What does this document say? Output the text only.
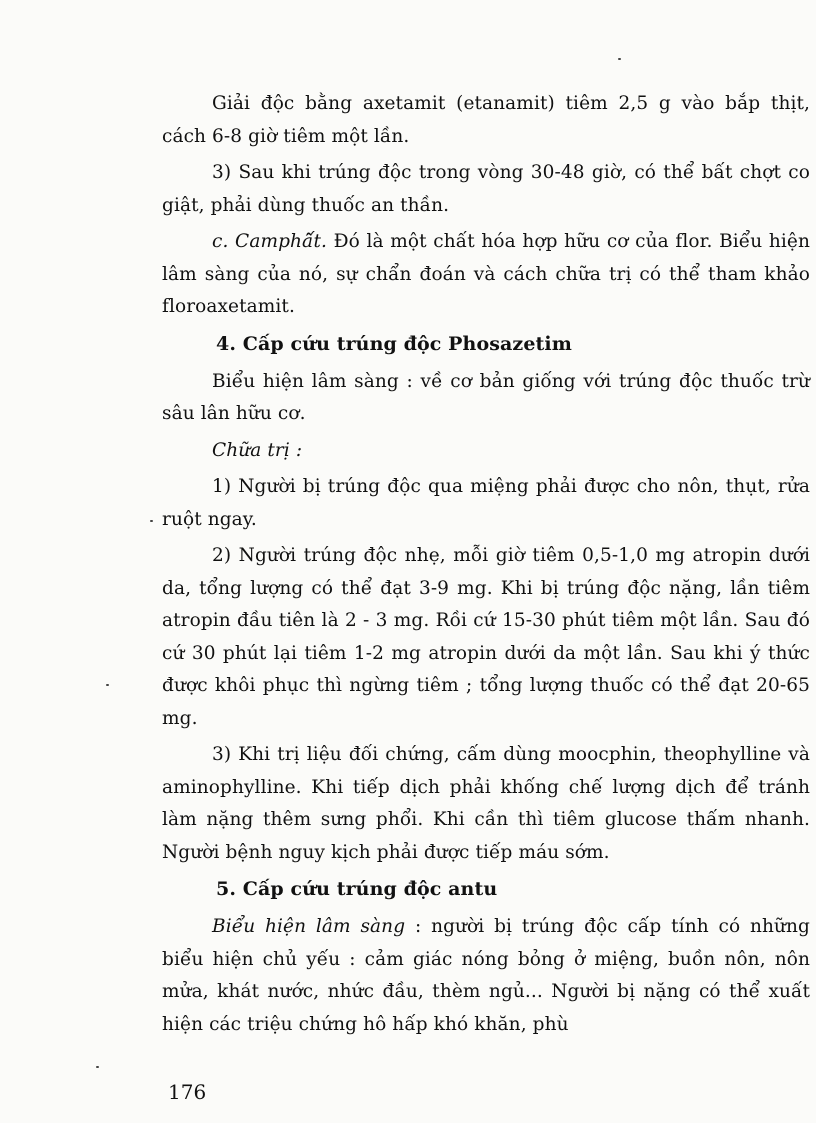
Giải độc bằng axetamit (etanamit) tiêm 2,5 g vào bắp thịt, cách 6-8 giờ tiêm một lần.

3) Sau khi trúng độc trong vòng 30-48 giờ, có thể bất chợt co giật, phải dùng thuốc an thần.

c. Camphấ̃t. Đó là một chất hóa hợp hữu cơ của flor. Biểu hiện lâm sàng của nó, sự chẩn đoán và cách chữa trị có thể tham khảo floroaxetamit.

4. Cấp cứu trúng độc Phosazetim

Biểu hiện lâm sàng : về cơ bản giống với trúng độc thuốc trừ sâu lân hữu cơ.

Chữa trị :

1) Người bị trúng độc qua miệng phải được cho nôn, thụt, rửa ruột ngay.

2) Người trúng độc nhẹ, mỗi giờ tiêm 0,5-1,0 mg atropin dưới da, tổng lượng có thể đạt 3-9 mg. Khi bị trúng độc nặng, lần tiêm atropin đầu tiên là 2 - 3 mg. Rồi cứ 15-30 phút tiêm một lần. Sau đó cứ 30 phút lại tiêm 1-2 mg atropin dưới da một lần. Sau khi ý thức được khôi phục thì ngừng tiêm ; tổng lượng thuốc có thể đạt 20-65 mg.

3) Khi trị liệu đối chứng, cấm dùng moocphin, theophylline và aminophylline. Khi tiếp dịch phải khống chế lượng dịch để tránh làm nặng thêm sưng phổi. Khi cần thì tiêm glucose thấm nhanh. Người bệnh nguy kịch phải được tiếp máu sớm.

5. Cấp cứu trúng độc antu

Biểu hiện lâm sàng : người bị trúng độc cấp tính có những biểu hiện chủ yếu : cảm giác nóng bỏng ở miệng, buồn nôn, nôn mửa, khát nước, nhức đầu, thèm ngủ... Người bị nặng có thể xuất hiện các triệu chứng hô hấp khó khăn, phù

176
